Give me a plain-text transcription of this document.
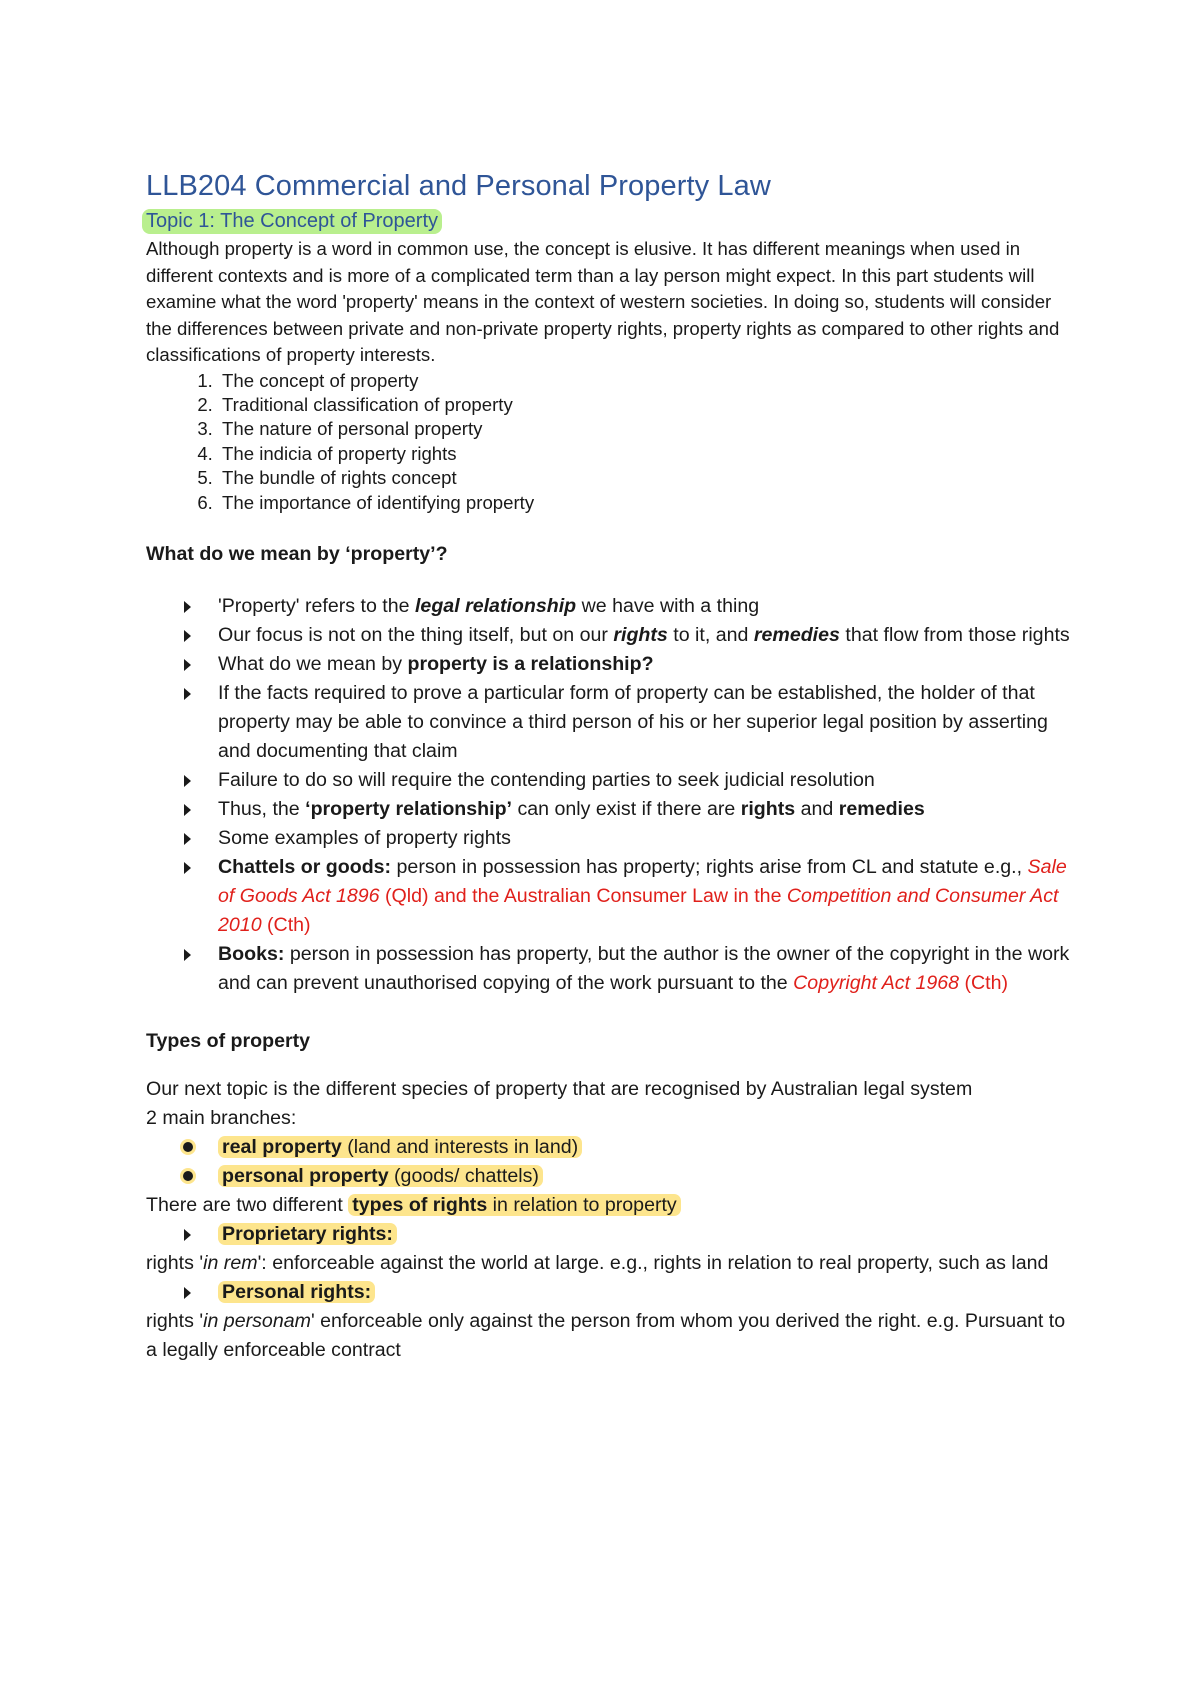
LLB204 Commercial and Personal Property Law
Topic 1: The Concept of Property

Although property is a word in common use, the concept is elusive. It has different meanings when used in different contexts and is more of a complicated term than a lay person might expect. In this part students will examine what the word 'property' means in the context of western societies. In doing so, students will consider the differences between private and non-private property rights, property rights as compared to other rights and classifications of property interests.

1. The concept of property
2. Traditional classification of property
3. The nature of personal property
4. The indicia of property rights
5. The bundle of rights concept
6. The importance of identifying property

What do we mean by ‘property’?

'Property' refers to the legal relationship we have with a thing
Our focus is not on the thing itself, but on our rights to it, and remedies that flow from those rights
What do we mean by property is a relationship?
If the facts required to prove a particular form of property can be established, the holder of that property may be able to convince a third person of his or her superior legal position by asserting and documenting that claim
Failure to do so will require the contending parties to seek judicial resolution
Thus, the ‘property relationship’ can only exist if there are rights and remedies
Some examples of property rights
Chattels or goods: person in possession has property; rights arise from CL and statute e.g., Sale of Goods Act 1896 (Qld) and the Australian Consumer Law in the Competition and Consumer Act 2010 (Cth)
Books: person in possession has property, but the author is the owner of the copyright in the work and can prevent unauthorised copying of the work pursuant to the Copyright Act 1968 (Cth)

Types of property

Our next topic is the different species of property that are recognised by Australian legal system

2 main branches:

real property (land and interests in land)
personal property (goods/ chattels)

There are two different types of rights in relation to property

Proprietary rights:

rights 'in rem': enforceable against the world at large. e.g., rights in relation to real property, such as land

Personal rights:

rights 'in personam' enforceable only against the person from whom you derived the right. e.g. Pursuant to a legally enforceable contract
